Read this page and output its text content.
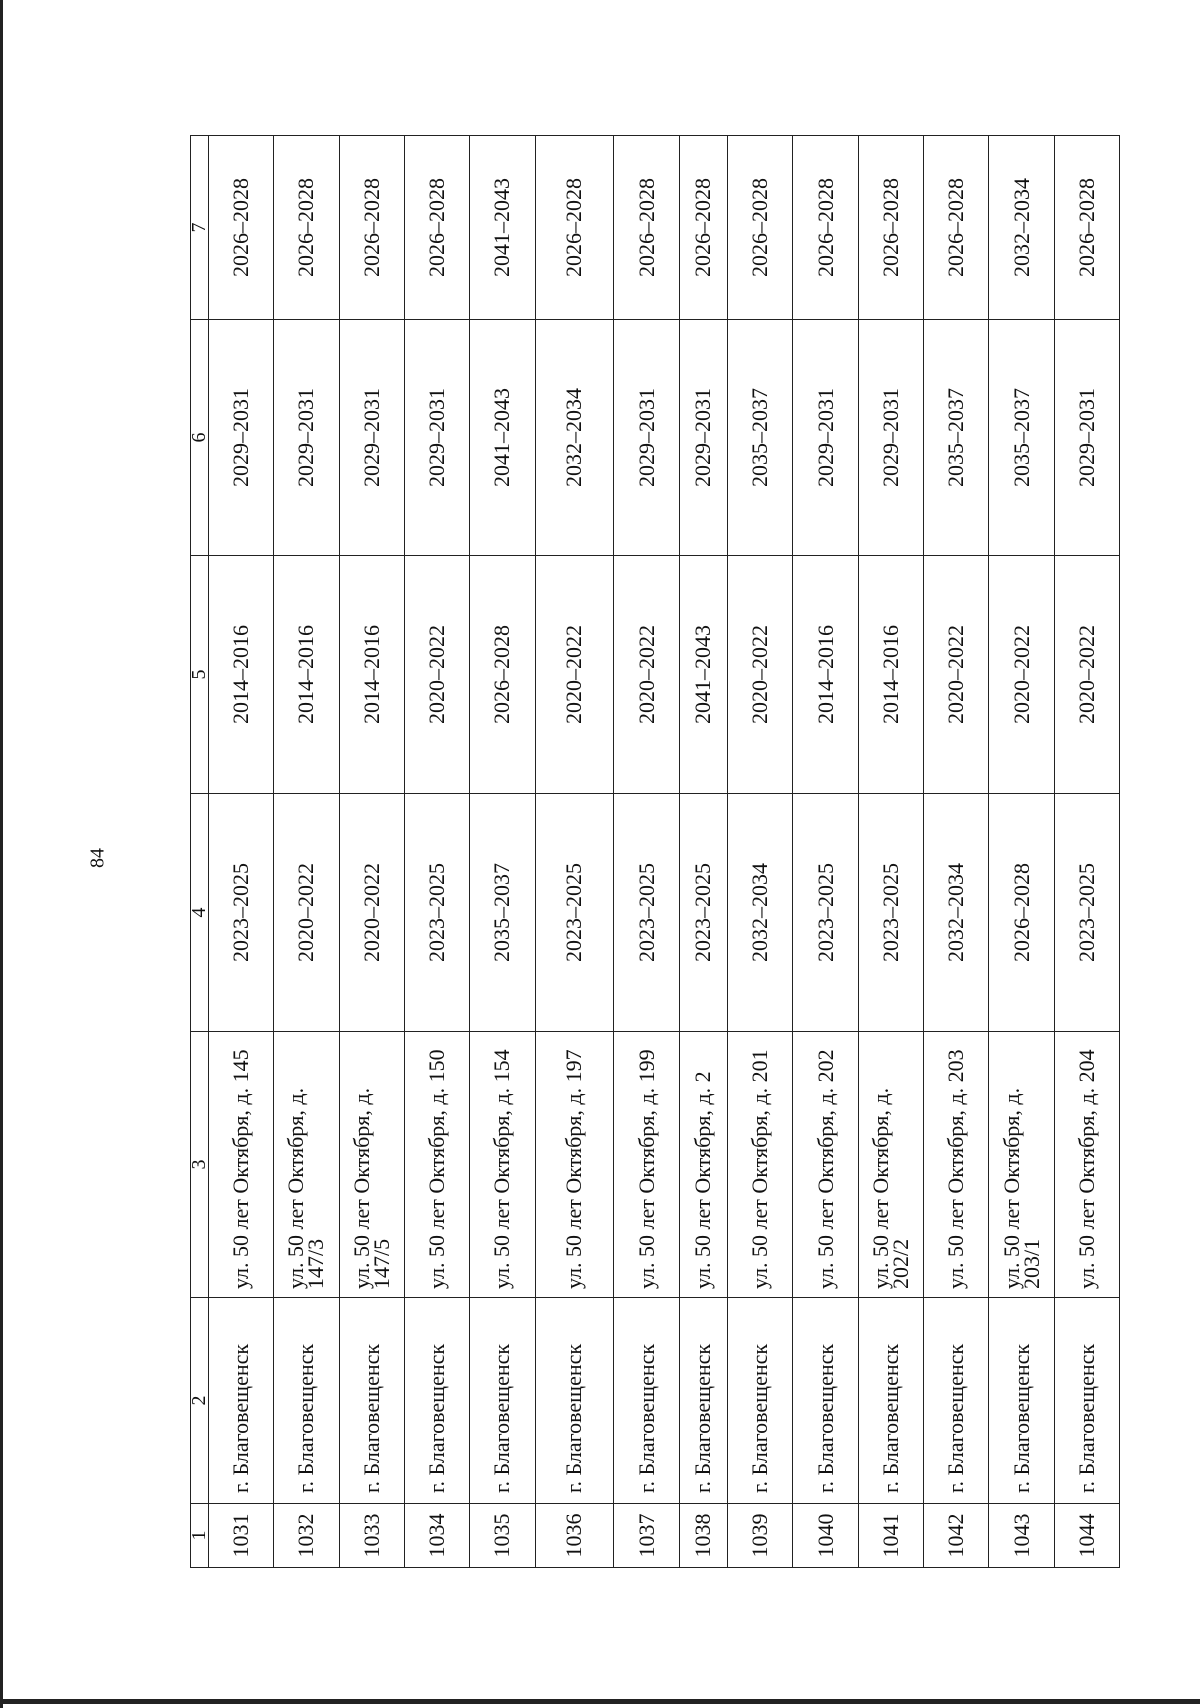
84
1	2	3	4	5	6	7
1031	г. Благовещенск	ул. 50 лет Октября, д. 145	2023–2025	2014–2016	2029–2031	2026–2028
1032	г. Благовещенск	ул. 50 лет Октября, д. 147/3	2020–2022	2014–2016	2029–2031	2026–2028
1033	г. Благовещенск	ул. 50 лет Октября, д. 147/5	2020–2022	2014–2016	2029–2031	2026–2028
1034	г. Благовещенск	ул. 50 лет Октября, д. 150	2023–2025	2020–2022	2029–2031	2026–2028
1035	г. Благовещенск	ул. 50 лет Октября, д. 154	2035–2037	2026–2028	2041–2043	2041–2043
1036	г. Благовещенск	ул. 50 лет Октября, д. 197	2023–2025	2020–2022	2032–2034	2026–2028
1037	г. Благовещенск	ул. 50 лет Октября, д. 199	2023–2025	2020–2022	2029–2031	2026–2028
1038	г. Благовещенск	ул. 50 лет Октября, д. 2	2023–2025	2041–2043	2029–2031	2026–2028
1039	г. Благовещенск	ул. 50 лет Октября, д. 201	2032–2034	2020–2022	2035–2037	2026–2028
1040	г. Благовещенск	ул. 50 лет Октября, д. 202	2023–2025	2014–2016	2029–2031	2026–2028
1041	г. Благовещенск	ул. 50 лет Октября, д. 202/2	2023–2025	2014–2016	2029–2031	2026–2028
1042	г. Благовещенск	ул. 50 лет Октября, д. 203	2032–2034	2020–2022	2035–2037	2026–2028
1043	г. Благовещенск	ул. 50 лет Октября, д. 203/1	2026–2028	2020–2022	2035–2037	2032–2034
1044	г. Благовещенск	ул. 50 лет Октября, д. 204	2023–2025	2020–2022	2029–2031	2026–2028
